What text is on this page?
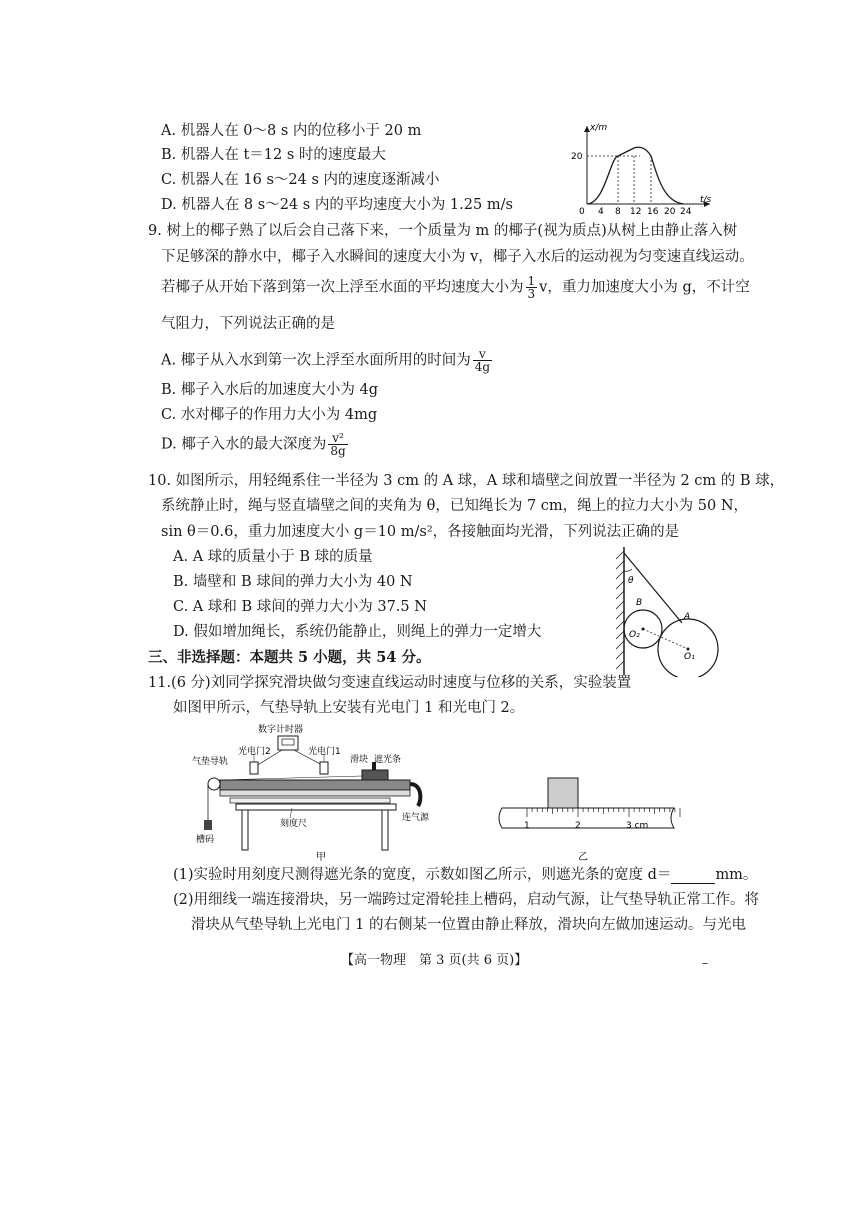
A. 机器人在 0～8 s 内的位移小于 20 m
B. 机器人在 t＝12 s 时的速度最大
C. 机器人在 16 s～24 s 内的速度逐渐减小
D. 机器人在 8 s～24 s 内的平均速度大小为 1.25 m/s
x/m
t/s
20
0 4 8 12 16 20 24
9. 树上的椰子熟了以后会自己落下来，一个质量为 m 的椰子(视为质点)从树上由静止落入树
下足够深的静水中，椰子入水瞬间的速度大小为 v，椰子入水后的运动视为匀变速直线运动。
若椰子从开始下落到第一次上浮至水面的平均速度大小为 $\frac{1}{3}$ v，重力加速度大小为 g，不计空
气阻力，下列说法正确的是
A. 椰子从入水到第一次上浮至水面所用的时间为 $\frac{v}{4g}$
B. 椰子入水后的加速度大小为 4g
C. 水对椰子的作用力大小为 4mg
D. 椰子入水的最大深度为 $\frac{\text{v²}}{8g}$
10. 如图所示，用轻绳系住一半径为 3 cm 的 A 球，A 球和墙壁之间放置一半径为 2 cm 的 B 球，
系统静止时，绳与竖直墙壁之间的夹角为 θ，已知绳长为 7 cm，绳上的拉力大小为 50 N，
sin θ＝0.6，重力加速度大小 g＝10 m/s²，各接触面均光滑，下列说法正确的是
A. A 球的质量小于 B 球的质量
B. 墙壁和 B 球间的弹力大小为 40 N
C. A 球和 B 球间的弹力大小为 37.5 N
D. 假如增加绳长，系统仍能静止，则绳上的弹力一定增大
θ
B
A
O₂
O₁
三、非选择题：本题共 5 小题，共 54 分。
11.(6 分)刘同学探究滑块做匀变速直线运动时速度与位移的关系，实验装置
如图甲所示，气垫导轨上安装有光电门 1 和光电门 2。
数字计时器
气垫导轨
光电门2	光电门1
滑块 遮光条
槽码
刻度尺
连气源
甲
1	2	3 cm
乙
(1)实验时用刻度尺测得遮光条的宽度，示数如图乙所示，则遮光条的宽度 d＝	mm。
(2)用细线一端连接滑块，另一端跨过定滑轮挂上槽码，启动气源，让气垫导轨正常工作。将
滑块从气垫导轨上光电门 1 的右侧某一位置由静止释放，滑块向左做加速运动。与光电
【高一物理　第 3 页(共 6 页)】	–
